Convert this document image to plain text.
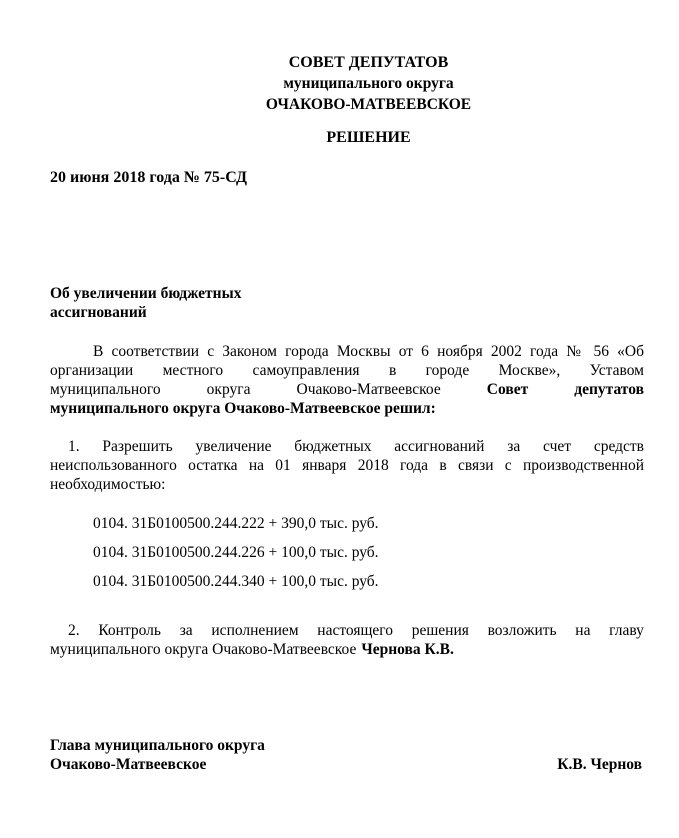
СОВЕТ ДЕПУТАТОВ
муниципального округа
ОЧАКОВО-МАТВЕЕВСКОЕ
РЕШЕНИЕ
20 июня 2018 года № 75-СД
Об увеличении бюджетных
ассигнований
В соответствии с Законом города Москвы от 6 ноября 2002 года № 56 «Об
организации местного самоуправления в городе Москве», Уставом
муниципального	округа	Очаково-Матвеевское	Совет	депутатов
муниципального округа Очаково-Матвеевское решил:
1. Разрешить увеличение бюджетных ассигнований за счет средств
неиспользованного остатка на 01 января 2018 года в связи с производственной
необходимостью:
0104. 31Б0100500.244.222 + 390,0 тыс. руб.
0104. 31Б0100500.244.226 + 100,0 тыс. руб.
0104. 31Б0100500.244.340 + 100,0 тыс. руб.
2. Контроль за исполнением настоящего решения возложить на главу
муниципального округа Очаково-Матвеевское Чернова К.В.
Глава муниципального округа
Очаково-Матвеевское	К.В. Чернов
